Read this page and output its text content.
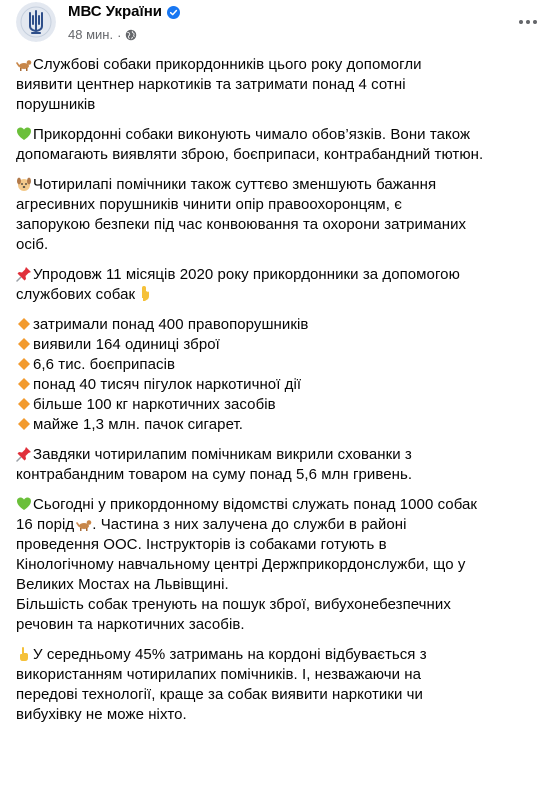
МВС України
48 мин. ·
Службові собаки прикордонників цього року допомогли
виявити центнер наркотиків та затримати понад 4 сотні
порушників
Прикордонні собаки виконують чимало обов’язків. Вони також
допомагають виявляти зброю, боєприпаси, контрабандний тютюн.
Чотирилапі помічники також суттєво зменшують бажання
агресивних порушників чинити опір правоохоронцям, є
запорукою безпеки під час конвоювання та охорони затриманих
осіб.
Упродовж 11 місяців 2020 року прикордонники за допомогою
службових собак
затримали понад 400 правопорушників
виявили 164 одиниці зброї
6,6 тис. боєприпасів
понад 40 тисяч пігулок наркотичної дії
більше 100 кг наркотичних засобів
майже 1,3 млн. пачок сигарет.
Завдяки чотирилапим помічникам викрили схованки з
контрабандним товаром на суму понад 5,6 млн гривень.
Сьогодні у прикордонному відомстві служать понад 1000 собак
16 порід . Частина з них залучена до служби в районі
проведення ООС. Інструкторів із собаками готують в
Кінологічному навчальному центрі Держприкордонслужби, що у
Великих Мостах на Львівщині.
Більшість собак тренують на пошук зброї, вибухонебезпечних
речовин та наркотичних засобів.
У середньому 45% затримань на кордоні відбувається з
використанням чотирилапих помічників. І, незважаючи на
передові технології, краще за собак виявити наркотики чи
вибухівку не може ніхто.
